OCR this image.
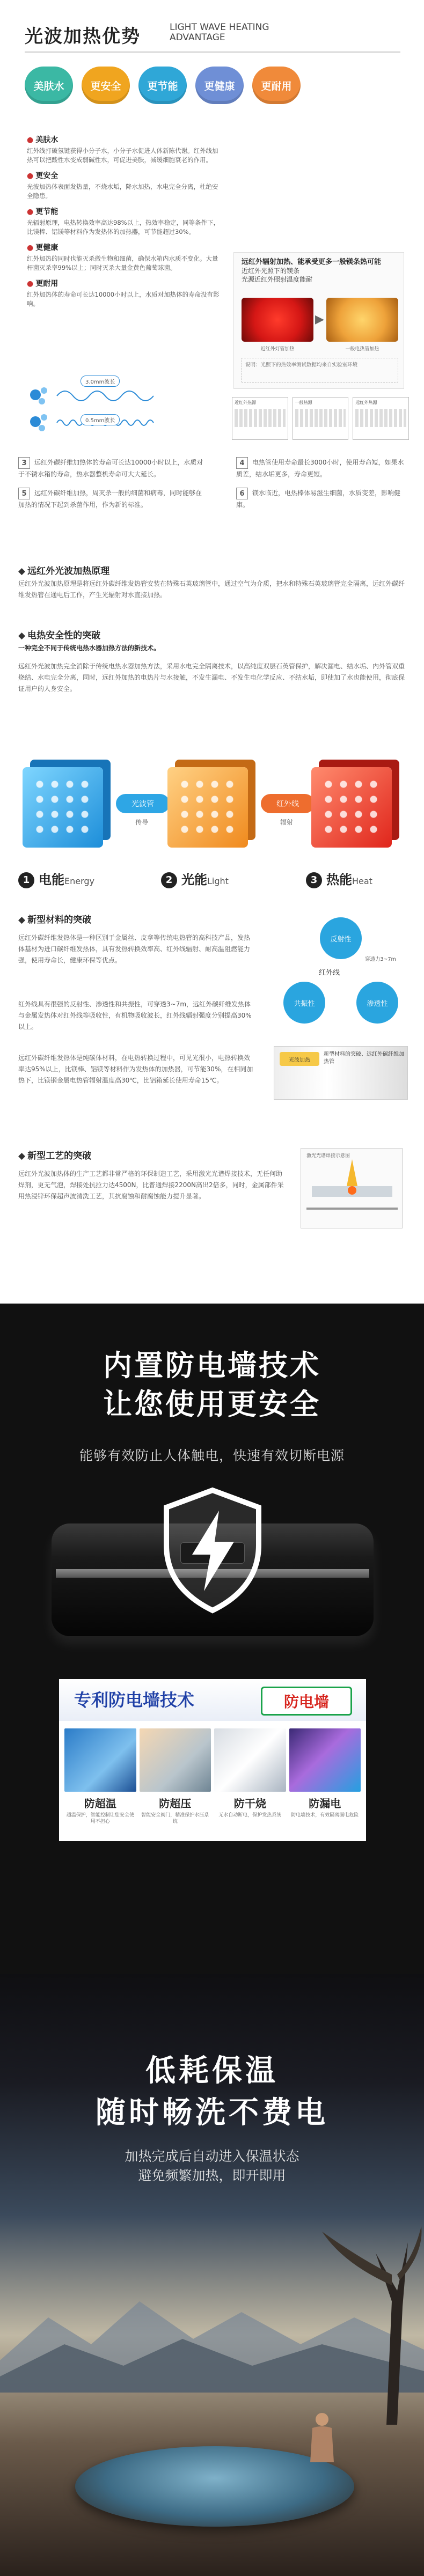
光波加热优势	LIGHT WAVE HEATING
ADVANTAGE
美肤水	更安全	更节能	更健康	更耐用
● 美肤水

红外线打破氢键获得小分子水，小分子水促进人体新陈代谢。红外线加热可以把酸性水变成弱碱性水，可促进美肤，减缓细胞衰老的作用。

● 更安全

光波加热体表面发热量，不烧水垢，降水加热，水电完全分离，杜绝安全隐患。

● 更节能

光辐射原理，电热转换效率高达98%以上，热效率稳定，同等条件下，比镁棒、铝镁等材料作为发热体的加热器，可节能超过30%。

● 更健康

红外加热的同时也能灭杀微生物和细菌，确保水箱内水质不变化。大量杆菌灭杀率99%以上；同时灭杀大量金黄色葡萄球菌。

● 更耐用

红外加热体的寿命可长达10000小时以上，水质对加热体的寿命没有影响。

远红外辐射加热、能承受更多一般镁条热可能
近红外光照下的镁条
光源近红外照射温度能耐
▶
近红外灯管加热	一般电热管加热
说明：光照下的热效率测试数据均来自实验室环境
3.0mm波长
0.5mm波长
近红外热源	一般热源	远红外热源

3 远红外碳纤维加热体的寿命可长达10000小时以上，水质对于不锈水箱的寿命，热水器整机寿命可大大延长。

5 远红外碳纤维加热，周灭杀一般的细菌和病毒，同时能够在加热的情况下起到杀菌作用，作为新的标准。

4 电热管使用寿命最长3000小时，使用寿命短，如果水质差，结水垢更多，寿命更短。

6 镁水临近，电热棒体易滋生细菌，水质变差，影响健康。

◆ 远红外光波加热原理
远红外光波加热原理是将远红外碳纤维发热管安装在特殊石英玻璃管中，通过空气为介质，把水和特殊石英玻璃管完全隔离，远红外碳纤维发热管在通电后工作，产生光辐射对水直接加热。
◆ 电热安全性的突破
一种完全不同于传统电热水器加热方法的新技术。
远红外光波加热完全消除于传统电热水器加热方法，采用水电完全隔离技术，以高纯度双层石英管保护，解决漏电、结水垢、内外管双重烧结、水电完全分离，同时，远红外加热的电热片与水接触，不发生漏电、不发生电化学反应、不结水垢，即使加了水也能使用，彻底保证用户的人身安全。
光波管
传导
红外线
辐射
1 电能Energy	2 光能Light	3 热能Heat
◆ 新型材料的突破
远红外碳纤维发热体是一种区别于金属丝、皮拿等传统电热管的高科技产品，发热体基材为进口碳纤维发热体，具有发热转换效率高、红外线辐射、耐高温阻燃能力强，使用寿命长，健康环保等优点。
红外线具有很强的反射性、渗透性和共振性，可穿透3~7m，远红外碳纤维发热体与金属发热体对红外线等吸收性，有机物吸收波长，红外线辐射强度分别提高30%以上。
远红外碳纤维发热体是纯碳体材料，在电热转换过程中，可见光很小，电热转换效率达95%以上，比镁棒、铝镁等材料作为发热体的加热器，可节能30%，在相同加热下，比镁钢金属电热管辐射温度高30℃，比铝箱延长使用寿命15℃。
反射性
共振性	渗透性
红外线
穿透力3~7m
光波加热
新型材料的突破、远红外碳纤维加热管
◆ 新型工艺的突破
远红外光波加热体的生产工艺都非常严格的环保制造工艺，采用激光光谱焊接技术，无任何助焊剂，更无气泡，焊接处抗拉力达4500N，比普通焊接2200N高出2倍多，同时，金属部件采用热浸锌环保超声波清洗工艺，其抗腐蚀和耐腐蚀能力提升显著。
激光光谱焊接示意图
内置防电墙技术
让您使用更安全
能够有效防止人体触电，快速有效切断电源
专利防电墙技术	防电墙
防超温
超温保护，智能控制让您安全使用不担心
防超压
智能安全阀门，精准保护水压系统
防干烧
无水自动断电，保护发热系统
防漏电
防电墙技术，有效隔离漏电危险
低耗保温
随时畅洗不费电
加热完成后自动进入保温状态
避免频繁加热，即开即用
